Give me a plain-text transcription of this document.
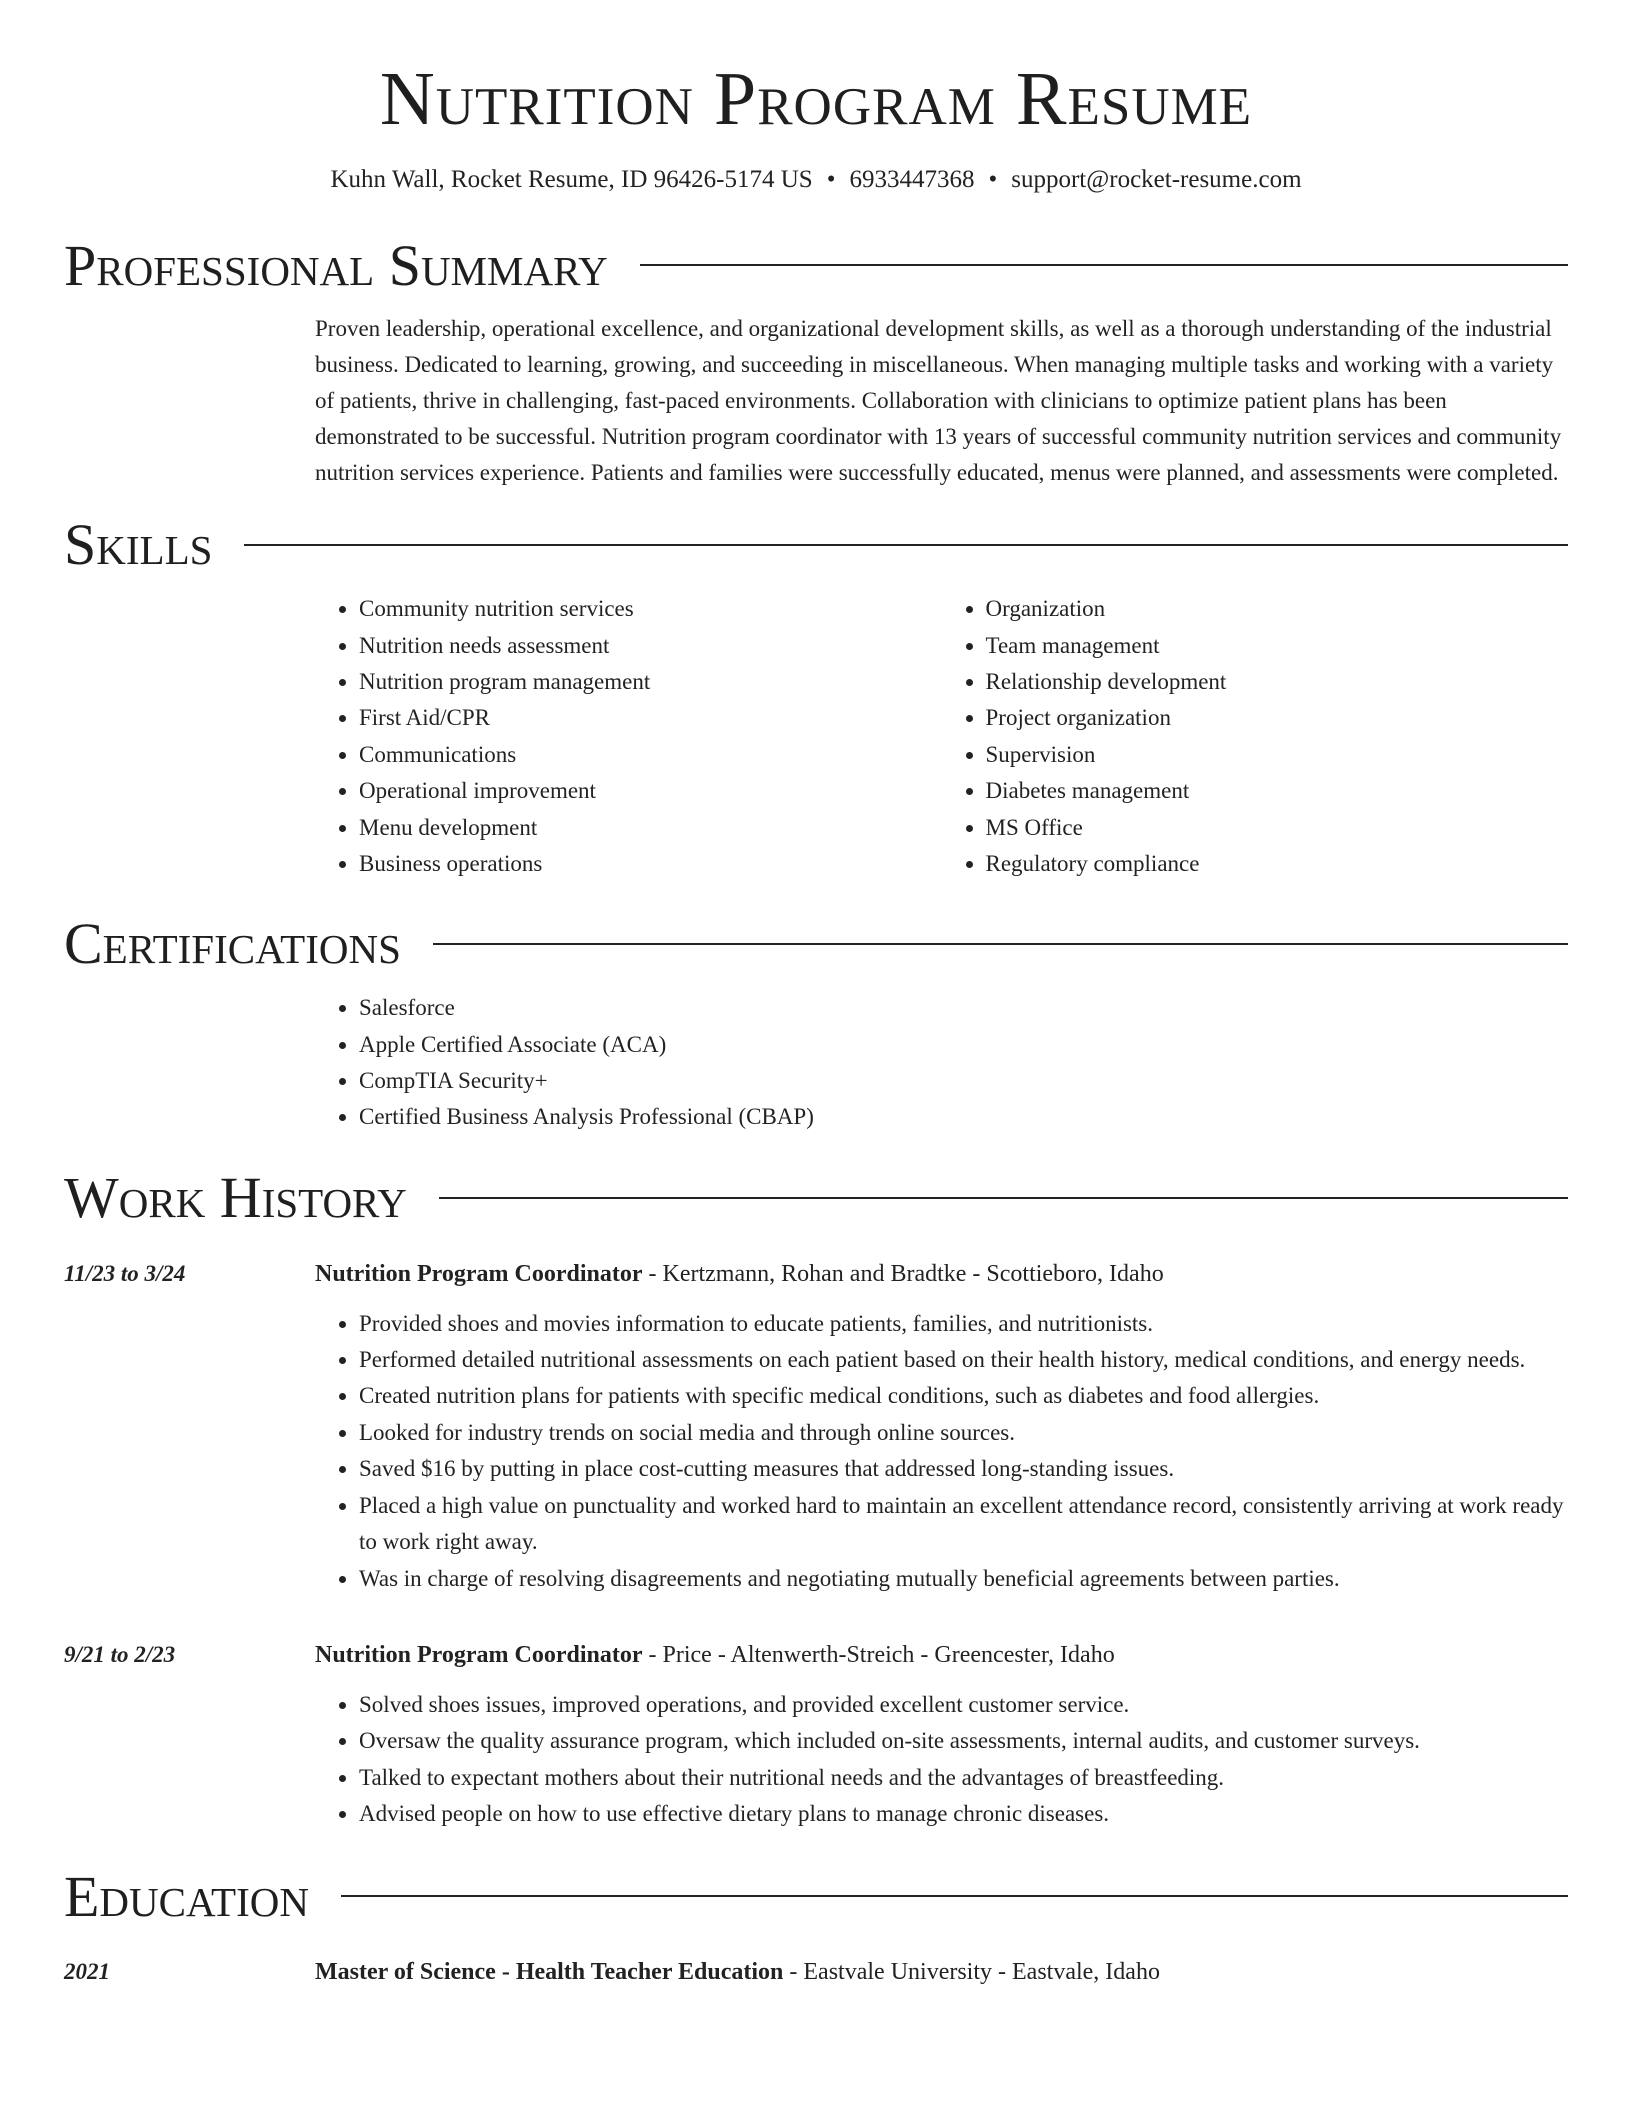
Nutrition Program Resume
Kuhn Wall, Rocket Resume, ID 96426-5174 US • 6933447368 • support@rocket-resume.com
Professional Summary
Proven leadership, operational excellence, and organizational development skills, as well as a thorough understanding of the industrial business. Dedicated to learning, growing, and succeeding in miscellaneous. When managing multiple tasks and working with a variety of patients, thrive in challenging, fast-paced environments. Collaboration with clinicians to optimize patient plans has been demonstrated to be successful. Nutrition program coordinator with 13 years of successful community nutrition services and community nutrition services experience. Patients and families were successfully educated, menus were planned, and assessments were completed.
Skills
• Community nutrition services
• Nutrition needs assessment
• Nutrition program management
• First Aid/CPR
• Communications
• Operational improvement
• Menu development
• Business operations
• Organization
• Team management
• Relationship development
• Project organization
• Supervision
• Diabetes management
• MS Office
• Regulatory compliance
Certifications
• Salesforce
• Apple Certified Associate (ACA)
• CompTIA Security+
• Certified Business Analysis Professional (CBAP)
Work History
11/23 to 3/24	Nutrition Program Coordinator - Kertzmann, Rohan and Bradtke - Scottieboro, Idaho
• Provided shoes and movies information to educate patients, families, and nutritionists.
• Performed detailed nutritional assessments on each patient based on their health history, medical conditions, and energy needs.
• Created nutrition plans for patients with specific medical conditions, such as diabetes and food allergies.
• Looked for industry trends on social media and through online sources.
• Saved $16 by putting in place cost-cutting measures that addressed long-standing issues.
• Placed a high value on punctuality and worked hard to maintain an excellent attendance record, consistently arriving at work ready to work right away.
• Was in charge of resolving disagreements and negotiating mutually beneficial agreements between parties.
9/21 to 2/23	Nutrition Program Coordinator - Price - Altenwerth-Streich - Greencester, Idaho
• Solved shoes issues, improved operations, and provided excellent customer service.
• Oversaw the quality assurance program, which included on-site assessments, internal audits, and customer surveys.
• Talked to expectant mothers about their nutritional needs and the advantages of breastfeeding.
• Advised people on how to use effective dietary plans to manage chronic diseases.
Education
2021	Master of Science - Health Teacher Education - Eastvale University - Eastvale, Idaho
